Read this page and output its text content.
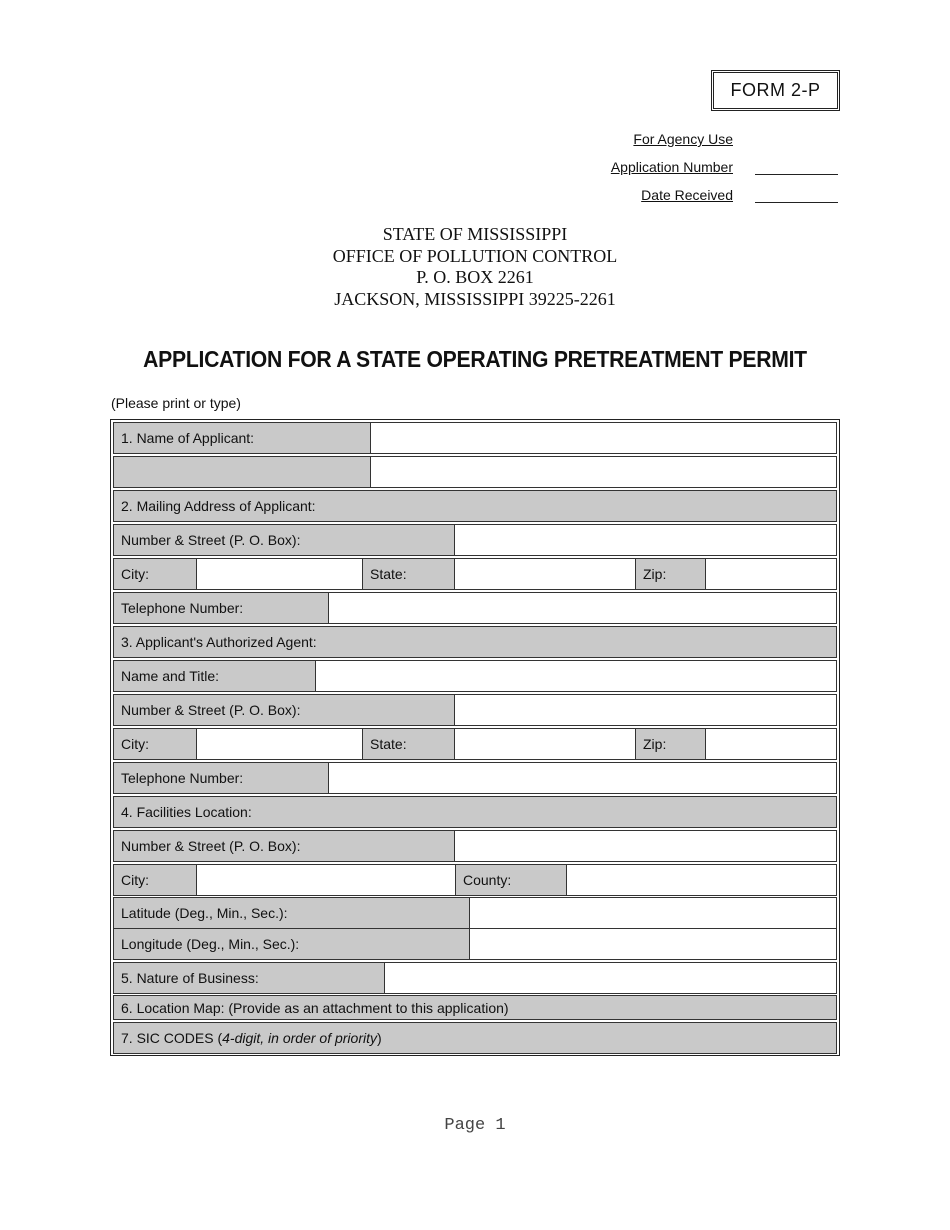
FORM 2-P
For Agency Use
Application Number
Date Received
STATE OF MISSISSIPPI
OFFICE OF POLLUTION CONTROL
P. O. BOX 2261
JACKSON, MISSISSIPPI 39225-2261
APPLICATION FOR A STATE OPERATING PRETREATMENT PERMIT
(Please print or type)
1. Name of Applicant:
2. Mailing Address of Applicant:
Number & Street (P. O. Box):
City:	State:	Zip:
Telephone Number:
3. Applicant's Authorized Agent:
Name and Title:
Number & Street (P. O. Box):
City:	State:	Zip:
Telephone Number:
4. Facilities Location:
Number & Street (P. O. Box):
City:	County:
Latitude (Deg., Min., Sec.):
Longitude (Deg., Min., Sec.):
5. Nature of Business:
6. Location Map: (Provide as an attachment to this application)
7. SIC CODES ( 4-digit, in order of priority )
Page 1
